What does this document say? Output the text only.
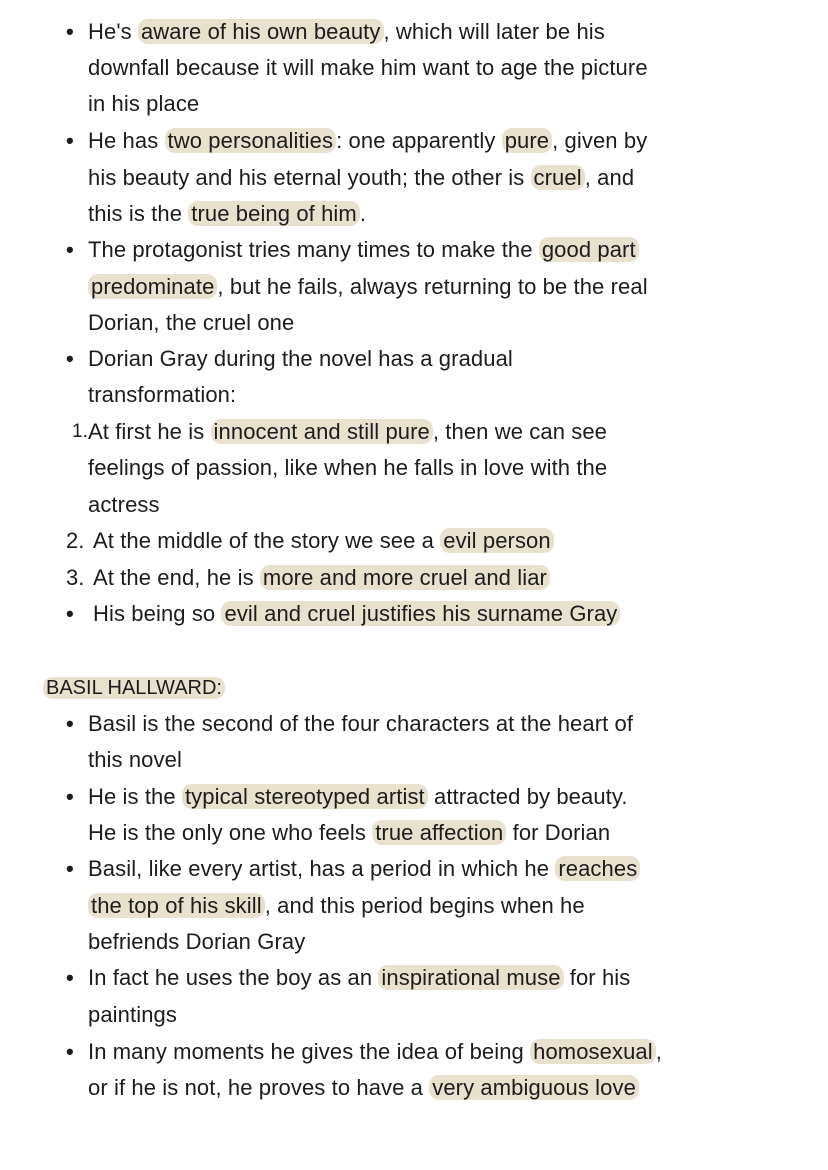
• He's aware of his own beauty , which will later be his
downfall because it will make him want to age the picture
in his place
• He has two personalities : one apparently pure , given by
his beauty and his eternal youth; the other is cruel , and
this is the true being of him .
• The protagonist tries many times to make the good part
predominate , but he fails, always returning to be the real
Dorian, the cruel one
• Dorian Gray during the novel has a gradual
transformation:
1. At first he is innocent and still pure , then we can see
feelings of passion, like when he falls in love with the
actress
2. At the middle of the story we see a evil person
3. At the end, he is more and more cruel and liar
• His being so evil and cruel justifies his surname Gray
BASIL HALLWARD:
• Basil is the second of the four characters at the heart of
this novel
• He is the typical stereotyped artist attracted by beauty.
He is the only one who feels true affection for Dorian
• Basil, like every artist, has a period in which he reaches
the top of his skill , and this period begins when he
befriends Dorian Gray
• In fact he uses the boy as an inspirational muse for his
paintings
• In many moments he gives the idea of being homosexual ,
or if he is not, he proves to have a very ambiguous love
